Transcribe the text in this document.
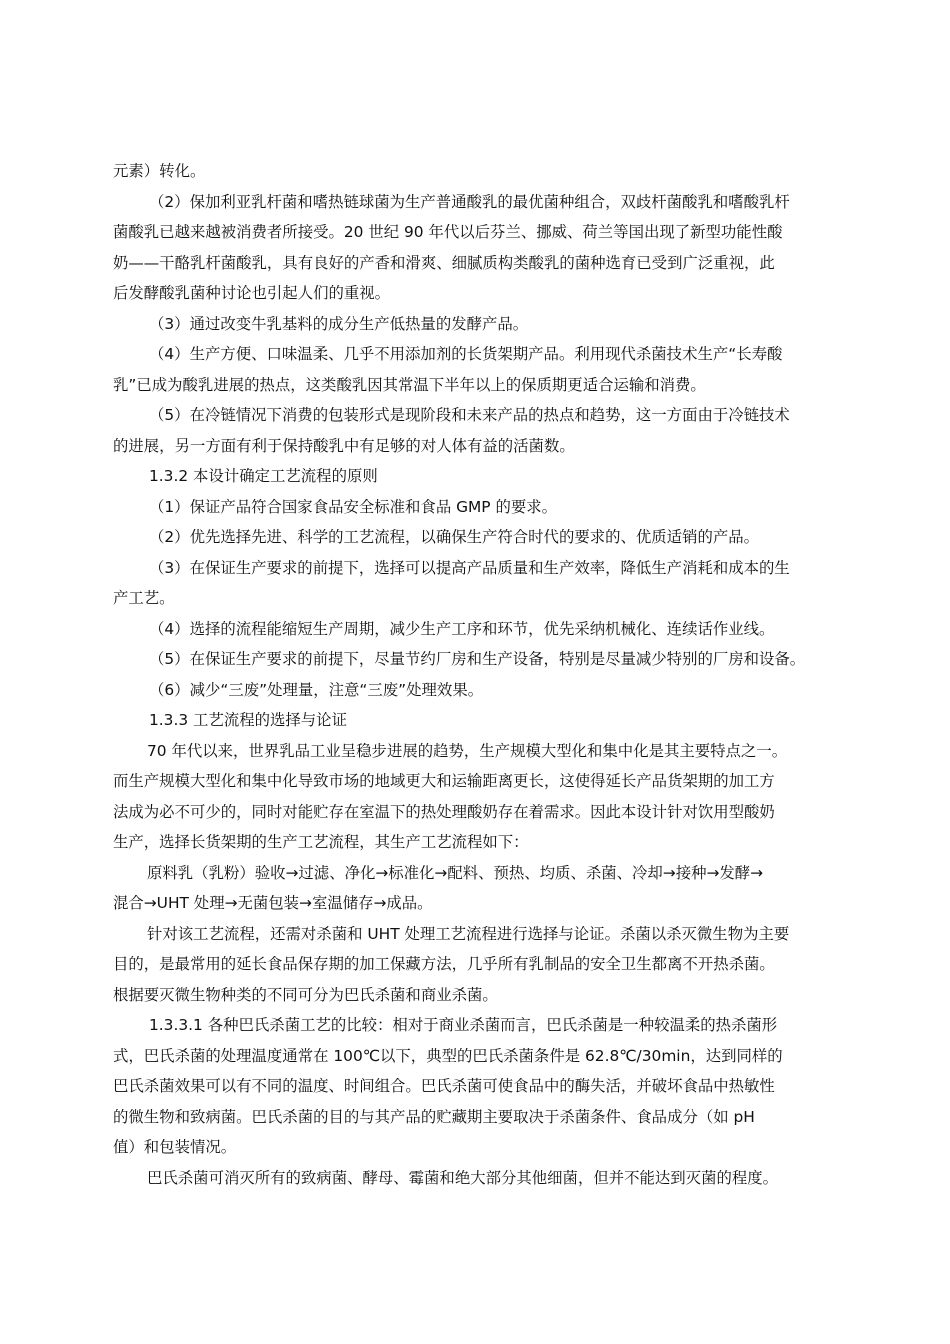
元素）转化。
（2）保加利亚乳杆菌和嗜热链球菌为生产普通酸乳的最优菌种组合，双歧杆菌酸乳和嗜酸乳杆
菌酸乳已越来越被消费者所接受。20 世纪 90 年代以后芬兰、挪威、荷兰等国出现了新型功能性酸
奶——干酪乳杆菌酸乳，具有良好的产香和滑爽、细腻质构类酸乳的菌种选育已受到广泛重视，此
后发酵酸乳菌种讨论也引起人们的重视。
（3）通过改变牛乳基料的成分生产低热量的发酵产品。
（4）生产方便、口味温柔、几乎不用添加剂的长货架期产品。利用现代杀菌技术生产“长寿酸
乳”已成为酸乳进展的热点，这类酸乳因其常温下半年以上的保质期更适合运输和消费。
（5）在冷链情况下消费的包装形式是现阶段和未来产品的热点和趋势，这一方面由于冷链技术
的进展，另一方面有利于保持酸乳中有足够的对人体有益的活菌数。
1.3.2 本设计确定工艺流程的原则
（1）保证产品符合国家食品安全标准和食品 GMP 的要求。
（2）优先选择先进、科学的工艺流程，以确保生产符合时代的要求的、优质适销的产品。
（3）在保证生产要求的前提下，选择可以提高产品质量和生产效率，降低生产消耗和成本的生
产工艺。
（4）选择的流程能缩短生产周期，减少生产工序和环节，优先采纳机械化、连续话作业线。
（5）在保证生产要求的前提下，尽量节约厂房和生产设备，特别是尽量减少特别的厂房和设备。
（6）减少“三废”处理量，注意“三废”处理效果。
1.3.3 工艺流程的选择与论证
70 年代以来，世界乳品工业呈稳步进展的趋势，生产规模大型化和集中化是其主要特点之一。
而生产规模大型化和集中化导致市场的地域更大和运输距离更长，这使得延长产品货架期的加工方
法成为必不可少的，同时对能贮存在室温下的热处理酸奶存在着需求。因此本设计针对饮用型酸奶
生产，选择长货架期的生产工艺流程，其生产工艺流程如下：
原料乳（乳粉）验收→过滤、净化→标准化→配料、预热、均质、杀菌、冷却→接种→发酵→
混合→UHT 处理→无菌包装→室温储存→成品。
针对该工艺流程，还需对杀菌和 UHT 处理工艺流程进行选择与论证。杀菌以杀灭微生物为主要
目的，是最常用的延长食品保存期的加工保藏方法，几乎所有乳制品的安全卫生都离不开热杀菌。
根据要灭微生物种类的不同可分为巴氏杀菌和商业杀菌。
1.3.3.1 各种巴氏杀菌工艺的比较：相对于商业杀菌而言，巴氏杀菌是一种较温柔的热杀菌形
式，巴氏杀菌的处理温度通常在 100℃以下，典型的巴氏杀菌条件是 62.8℃/30min，达到同样的
巴氏杀菌效果可以有不同的温度、时间组合。巴氏杀菌可使食品中的酶失活，并破坏食品中热敏性
的微生物和致病菌。巴氏杀菌的目的与其产品的贮藏期主要取决于杀菌条件、食品成分（如 pH
值）和包装情况。
巴氏杀菌可消灭所有的致病菌、酵母、霉菌和绝大部分其他细菌，但并不能达到灭菌的程度。
